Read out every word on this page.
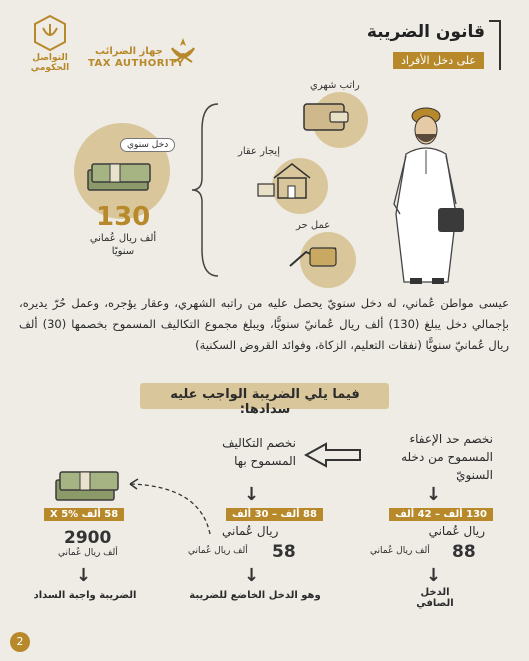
قانون الضريبة
على دخل الأفراد
جهاز الضرائب
TAX AUTHORITY
التواصل الحكومي
دخل سنوي
130
ألف ريال عُماني سنويًا
راتب شهري
إيجار عقار
عمل حر
عيسى مواطن عُماني، له دخل سنويّ يحصل عليه من راتبه الشهري، وعقار يؤجره، وعمل حُرّ يديره، بإجمالي دخل يبلغ (130) ألف ريال عُمانيّ سنويًّا، ويبلغ مجموع التكاليف المسموح بخصمها (30) ألف ريال عُمانيّ سنويًّا (نفقات التعليم، الزكاة، وفوائد القروض السكنية)
فيما يلي الضريبة الواجب عليه سدادها:
نخصم حد الإعفاء المسموح من دخله السنويّ
نخصم التكاليف المسموح بها
↓
↓
130 ألف – 42 ألف
ريال عُماني
88
ألف ريال عُماني
↓
الدخل الصافي
88 ألف – 30 ألف
ريال عُماني
58
ألف ريال عُماني
↓
وهو الدخل الخاضع للضريبة
58 ألف X 5%
2900
ألف ريال عُماني
↓
الضريبة واجبة السداد
2
